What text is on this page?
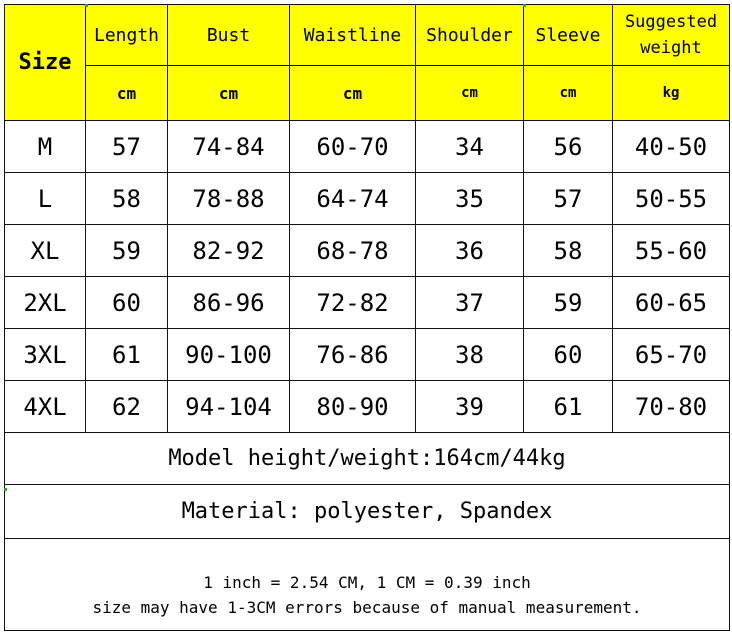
Size	Length	Bust	Waistline	Shoulder	Sleeve	Suggested
weight
	cm	cm	cm	cm	cm	kg
M	57	74-84	60-70	34	56	40-50
L	58	78-88	64-74	35	57	50-55
XL	59	82-92	68-78	36	58	55-60
2XL	60	86-96	72-82	37	59	60-65
3XL	61	90-100	76-86	38	60	65-70
4XL	62	94-104	80-90	39	61	70-80
Model height/weight:164cm/44kg						
Material: polyester, Spandex						

1 inch = 2.54 CM, 1 CM = 0.39 inch
size may have 1-3CM errors because of manual measurement.						
